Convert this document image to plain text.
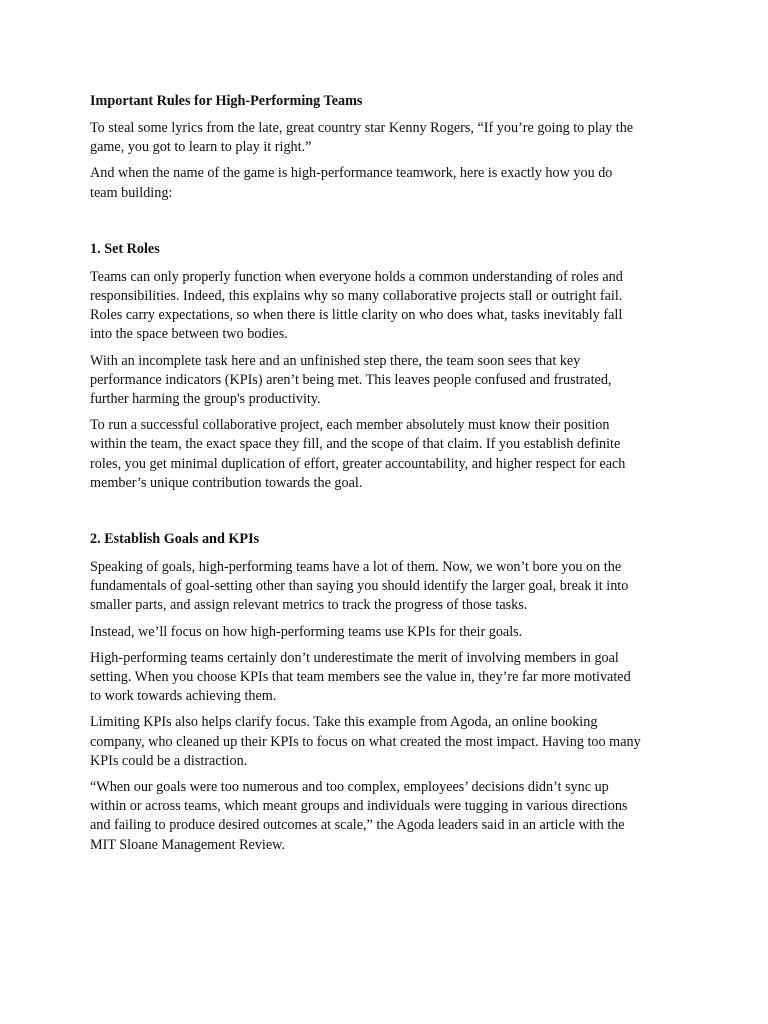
Important Rules for High-Performing Teams

To steal some lyrics from the late, great country star Kenny Rogers, “If you’re going to play the
game, you got to learn to play it right.”

And when the name of the game is high-performance teamwork, here is exactly how you do
team building:

1. Set Roles

Teams can only properly function when everyone holds a common understanding of roles and
responsibilities. Indeed, this explains why so many collaborative projects stall or outright fail.
Roles carry expectations, so when there is little clarity on who does what, tasks inevitably fall
into the space between two bodies.

With an incomplete task here and an unfinished step there, the team soon sees that key
performance indicators (KPIs) aren’t being met. This leaves people confused and frustrated,
further harming the group's productivity.

To run a successful collaborative project, each member absolutely must know their position
within the team, the exact space they fill, and the scope of that claim. If you establish definite
roles, you get minimal duplication of effort, greater accountability, and higher respect for each
member’s unique contribution towards the goal.

2. Establish Goals and KPIs

Speaking of goals, high-performing teams have a lot of them. Now, we won’t bore you on the
fundamentals of goal-setting other than saying you should identify the larger goal, break it into
smaller parts, and assign relevant metrics to track the progress of those tasks.

Instead, we’ll focus on how high-performing teams use KPIs for their goals.

High-performing teams certainly don’t underestimate the merit of involving members in goal
setting. When you choose KPIs that team members see the value in, they’re far more motivated
to work towards achieving them.

Limiting KPIs also helps clarify focus. Take this example from Agoda, an online booking
company, who cleaned up their KPIs to focus on what created the most impact. Having too many
KPIs could be a distraction.

“When our goals were too numerous and too complex, employees’ decisions didn’t sync up
within or across teams, which meant groups and individuals were tugging in various directions
and failing to produce desired outcomes at scale,” the Agoda leaders said in an article with the
MIT Sloane Management Review.
